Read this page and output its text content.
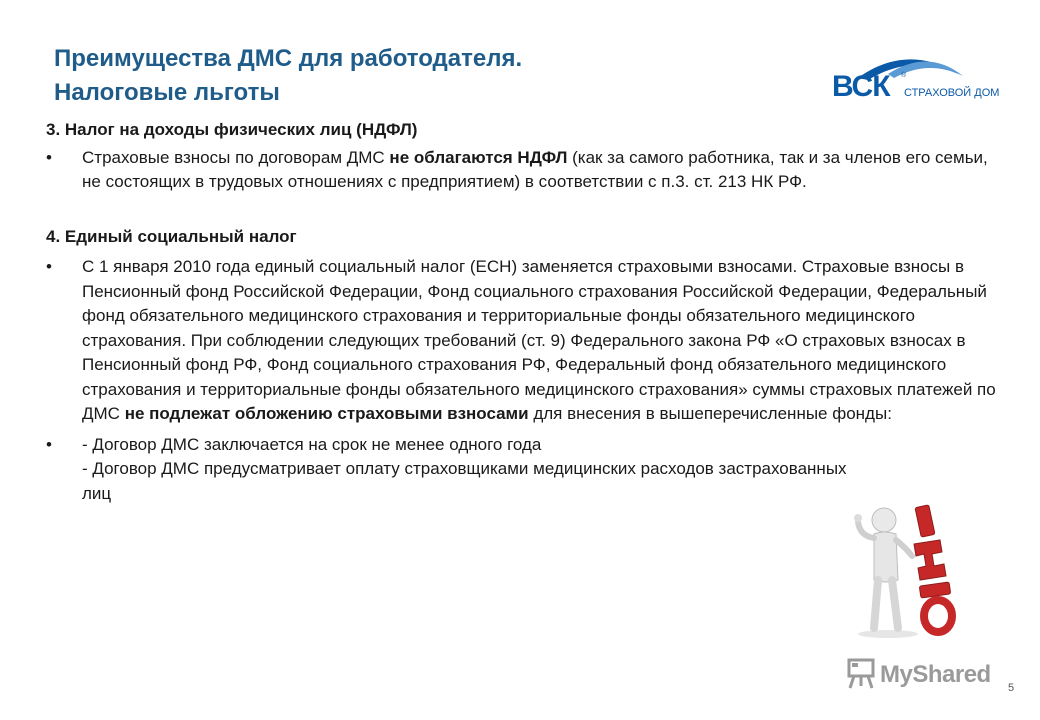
Преимущества ДМС для работодателя.
Налоговые льготы	ВСК ®
СТРАХОВОЙ ДОМ

3. Налог на доходы физических лиц (НДФЛ)

• Страховые взносы по договорам ДМС не облагаются НДФЛ (как за самого работника, так и за членов его семьи, не состоящих в трудовых отношениях с предприятием) в соответствии с п.3. ст. 213 НК РФ.

4. Единый социальный налог

• С 1 января 2010 года единый социальный налог (ЕСН) заменяется страховыми взносами. Страховые взносы в Пенсионный фонд Российской Федерации, Фонд социального страхования Российской Федерации, Федеральный фонд обязательного медицинского страхования и территориальные фонды обязательного медицинского страхования. При соблюдении следующих требований (ст. 9) Федерального закона РФ «О страховых взносах в Пенсионный фонд РФ, Фонд социального страхования РФ, Федеральный фонд обязательного медицинского страхования и территориальные фонды обязательного медицинского страхования» суммы страховых платежей по ДМС не подлежат обложению страховыми взносами для внесения в вышеперечисленные фонды:
• - Договор ДМС заключается на срок не менее одного года
- Договор ДМС предусматривает оплату страховщиками медицинских расходов застрахованных лиц
MyShared 5
